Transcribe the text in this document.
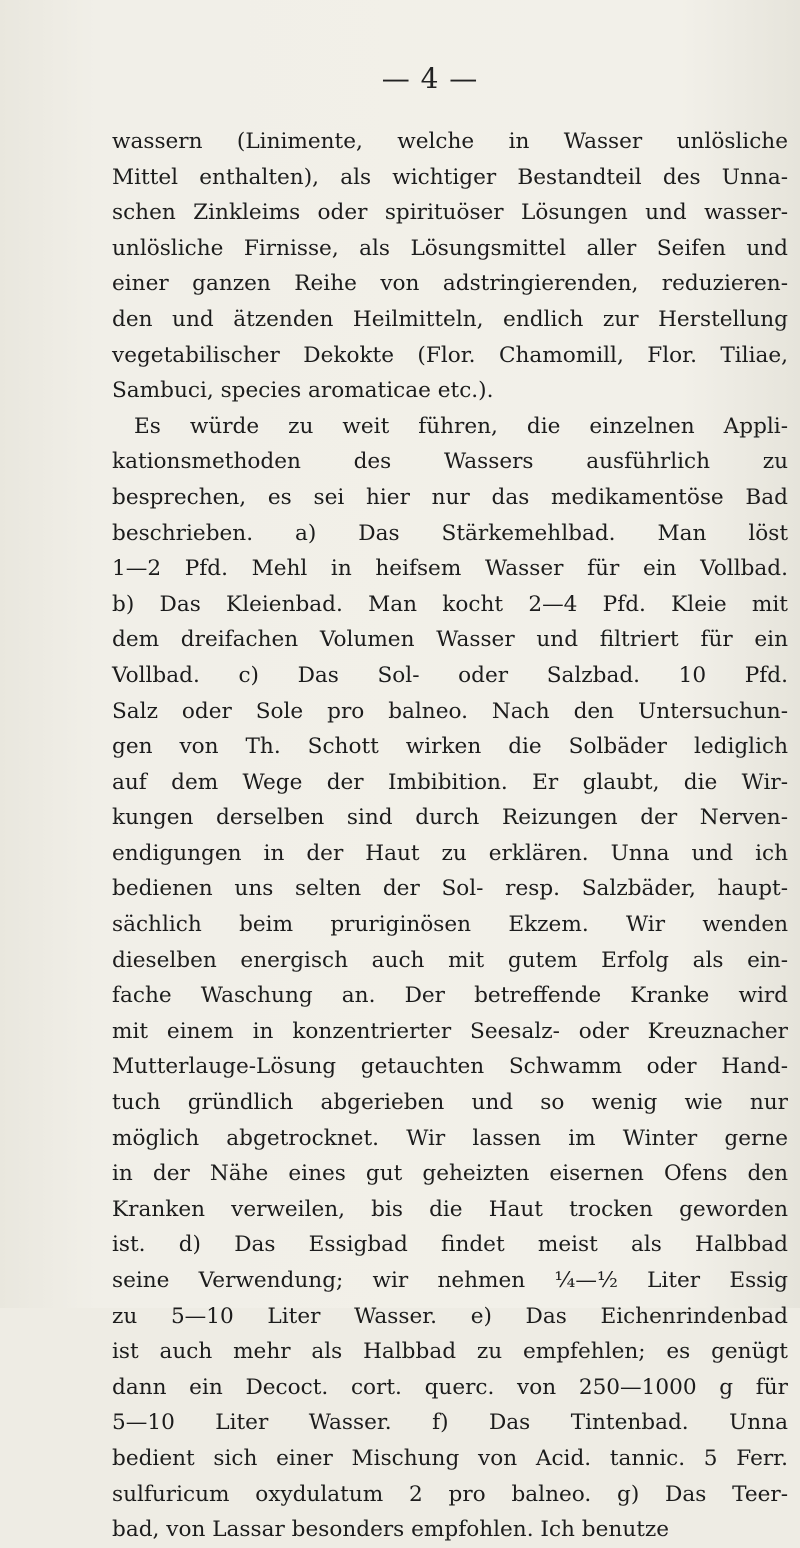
— 4 —
wassern (Linimente, welche in Wasser unlösliche
Mittel enthalten), als wichtiger Bestandteil des Unna-
schen Zinkleims oder spirituöser Lösungen und wasser-
unlösliche Firnisse, als Lösungsmittel aller Seifen und
einer ganzen Reihe von adstringierenden, reduzieren-
den und ätzenden Heilmitteln, endlich zur Herstellung
vegetabilischer Dekokte (Flor. Chamomill, Flor. Tiliae,
Sambuci, species aromaticae etc.).
Es würde zu weit führen, die einzelnen Appli-
kationsmethoden des Wassers ausführlich zu
besprechen, es sei hier nur das medikamentöse Bad
beschrieben. a) Das Stärkemehlbad. Man löst
1—2 Pfd. Mehl in heifsem Wasser für ein Vollbad.
b) Das Kleienbad. Man kocht 2—4 Pfd. Kleie mit
dem dreifachen Volumen Wasser und filtriert für ein
Vollbad. c) Das Sol- oder Salzbad. 10 Pfd.
Salz oder Sole pro balneo. Nach den Untersuchun-
gen von Th. Schott wirken die Solbäder lediglich
auf dem Wege der Imbibition. Er glaubt, die Wir-
kungen derselben sind durch Reizungen der Nerven-
endigungen in der Haut zu erklären. Unna und ich
bedienen uns selten der Sol- resp. Salzbäder, haupt-
sächlich beim pruriginösen Ekzem. Wir wenden
dieselben energisch auch mit gutem Erfolg als ein-
fache Waschung an. Der betreffende Kranke wird
mit einem in konzentrierter Seesalz- oder Kreuznacher
Mutterlauge-Lösung getauchten Schwamm oder Hand-
tuch gründlich abgerieben und so wenig wie nur
möglich abgetrocknet. Wir lassen im Winter gerne
in der Nähe eines gut geheizten eisernen Ofens den
Kranken verweilen, bis die Haut trocken geworden
ist. d) Das Essigbad findet meist als Halbbad
seine Verwendung; wir nehmen ¼—½ Liter Essig
zu 5—10 Liter Wasser. e) Das Eichenrindenbad
ist auch mehr als Halbbad zu empfehlen; es genügt
dann ein Decoct. cort. querc. von 250—1000 g für
5—10 Liter Wasser. f) Das Tintenbad. Unna
bedient sich einer Mischung von Acid. tannic. 5 Ferr.
sulfuricum oxydulatum 2 pro balneo. g) Das Teer-
bad, von Lassar besonders empfohlen. Ich benutze
